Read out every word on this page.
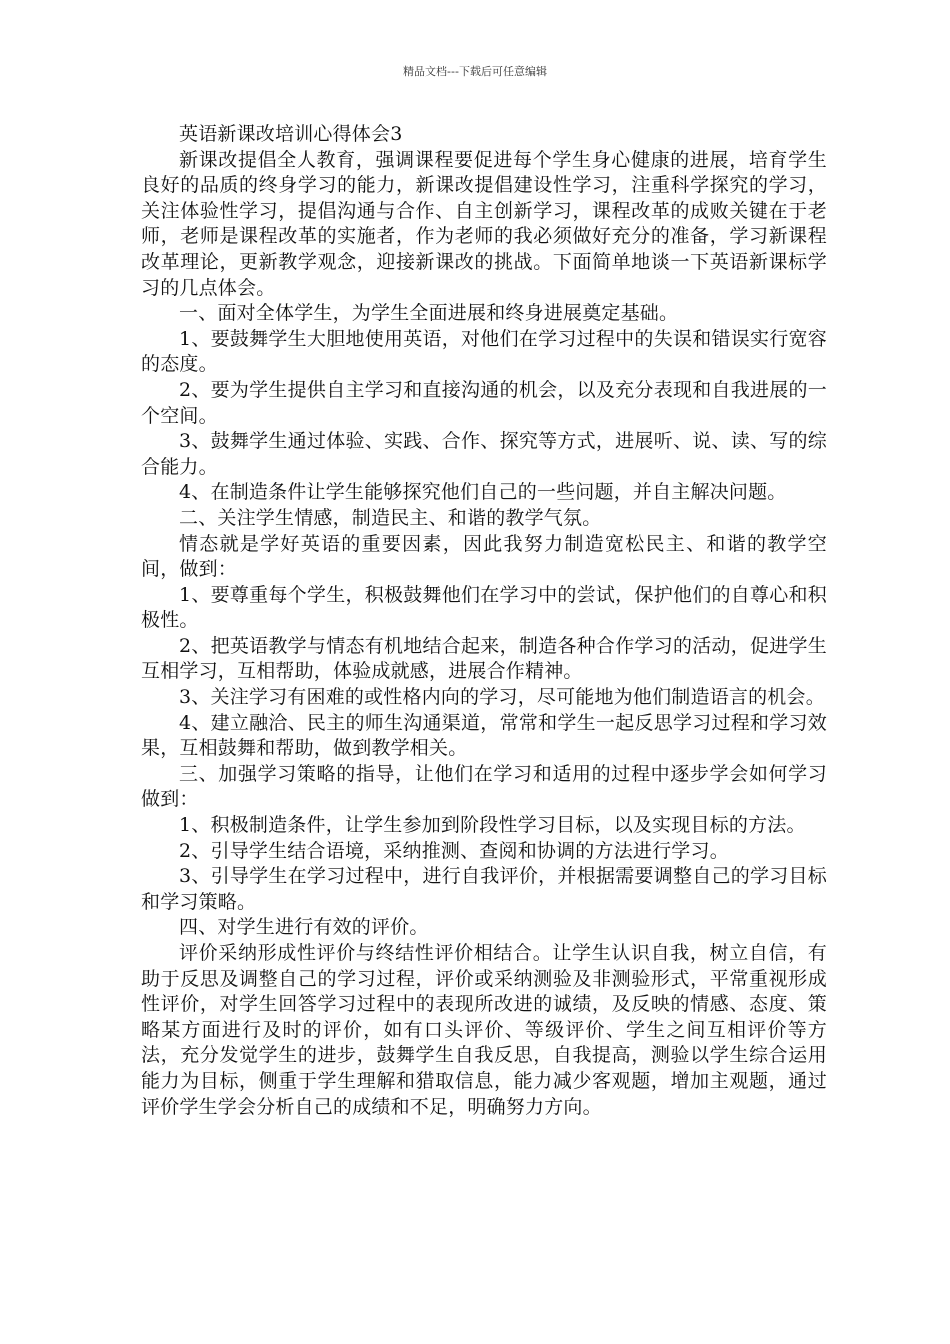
精品文档---下载后可任意编辑

英语新课改培训心得体会3

新课改提倡全人教育，强调课程要促进每个学生身心健康的进展，培育学生良好的品质的终身学习的能力，新课改提倡建设性学习，注重科学探究的学习，关注体验性学习，提倡沟通与合作、自主创新学习，课程改革的成败关键在于老师，老师是课程改革的实施者，作为老师的我必须做好充分的准备，学习新课程改革理论，更新教学观念，迎接新课改的挑战。下面简单地谈一下英语新课标学习的几点体会。

一、面对全体学生，为学生全面进展和终身进展奠定基础。

1、要鼓舞学生大胆地使用英语，对他们在学习过程中的失误和错误实行宽容的态度。

2、要为学生提供自主学习和直接沟通的机会，以及充分表现和自我进展的一个空间。

3、鼓舞学生通过体验、实践、合作、探究等方式，进展听、说、读、写的综合能力。

4、在制造条件让学生能够探究他们自己的一些问题，并自主解决问题。

二、关注学生情感，制造民主、和谐的教学气氛。

情态就是学好英语的重要因素，因此我努力制造宽松民主、和谐的教学空间，做到：

1、要尊重每个学生，积极鼓舞他们在学习中的尝试，保护他们的自尊心和积极性。

2、把英语教学与情态有机地结合起来，制造各种合作学习的活动，促进学生互相学习，互相帮助，体验成就感，进展合作精神。

3、关注学习有困难的或性格内向的学习，尽可能地为他们制造语言的机会。

4、建立融洽、民主的师生沟通渠道，常常和学生一起反思学习过程和学习效果，互相鼓舞和帮助，做到教学相关。

三、加强学习策略的指导，让他们在学习和适用的过程中逐步学会如何学习做到：

1、积极制造条件，让学生参加到阶段性学习目标，以及实现目标的方法。

2、引导学生结合语境，采纳推测、查阅和协调的方法进行学习。

3、引导学生在学习过程中，进行自我评价，并根据需要调整自己的学习目标和学习策略。

四、对学生进行有效的评价。

评价采纳形成性评价与终结性评价相结合。让学生认识自我，树立自信，有助于反思及调整自己的学习过程，评价或采纳测验及非测验形式，平常重视形成性评价，对学生回答学习过程中的表现所改进的诚绩，及反映的情感、态度、策略某方面进行及时的评价，如有口头评价、等级评价、学生之间互相评价等方法，充分发觉学生的进步，鼓舞学生自我反思，自我提高，测验以学生综合运用能力为目标，侧重于学生理解和猎取信息，能力减少客观题，增加主观题，通过评价学生学会分析自己的成绩和不足，明确努力方向。
